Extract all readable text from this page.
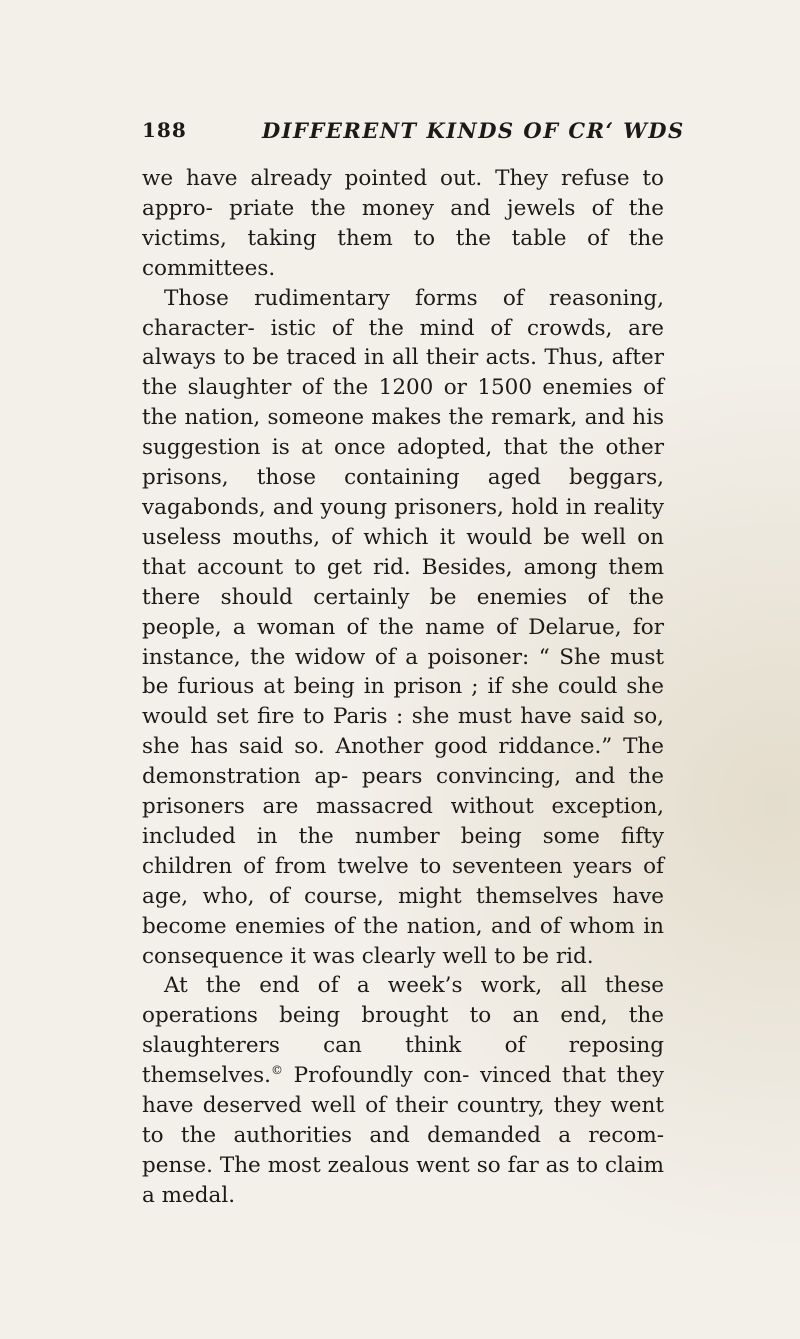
188	DIFFERENT KINDS OF CR‘ WDS

we have already pointed out. They refuse to appro- priate the money and jewels of the victims, taking them to the table of the committees.

Those rudimentary forms of reasoning, character- istic of the mind of crowds, are always to be traced in all their acts. Thus, after the slaughter of the 1200 or 1500 enemies of the nation, someone makes the remark, and his suggestion is at once adopted, that the other prisons, those containing aged beggars, vagabonds, and young prisoners, hold in reality useless mouths, of which it would be well on that account to get rid. Besides, among them there should certainly be enemies of the people, a woman of the name of Delarue, for instance, the widow of a poisoner: “ She must be furious at being in prison ; if she could she would set fire to Paris : she must have said so, she has said so. Another good riddance.” The demonstration ap- pears convincing, and the prisoners are massacred without exception, included in the number being some fifty children of from twelve to seventeen years of age, who, of course, might themselves have become enemies of the nation, and of whom in consequence it was clearly well to be rid.

At the end of a week’s work, all these operations being brought to an end, the slaughterers can think of reposing themselves.© Profoundly con- vinced that they have deserved well of their country, they went to the authorities and demanded a recom- pense. The most zealous went so far as to claim a medal.
